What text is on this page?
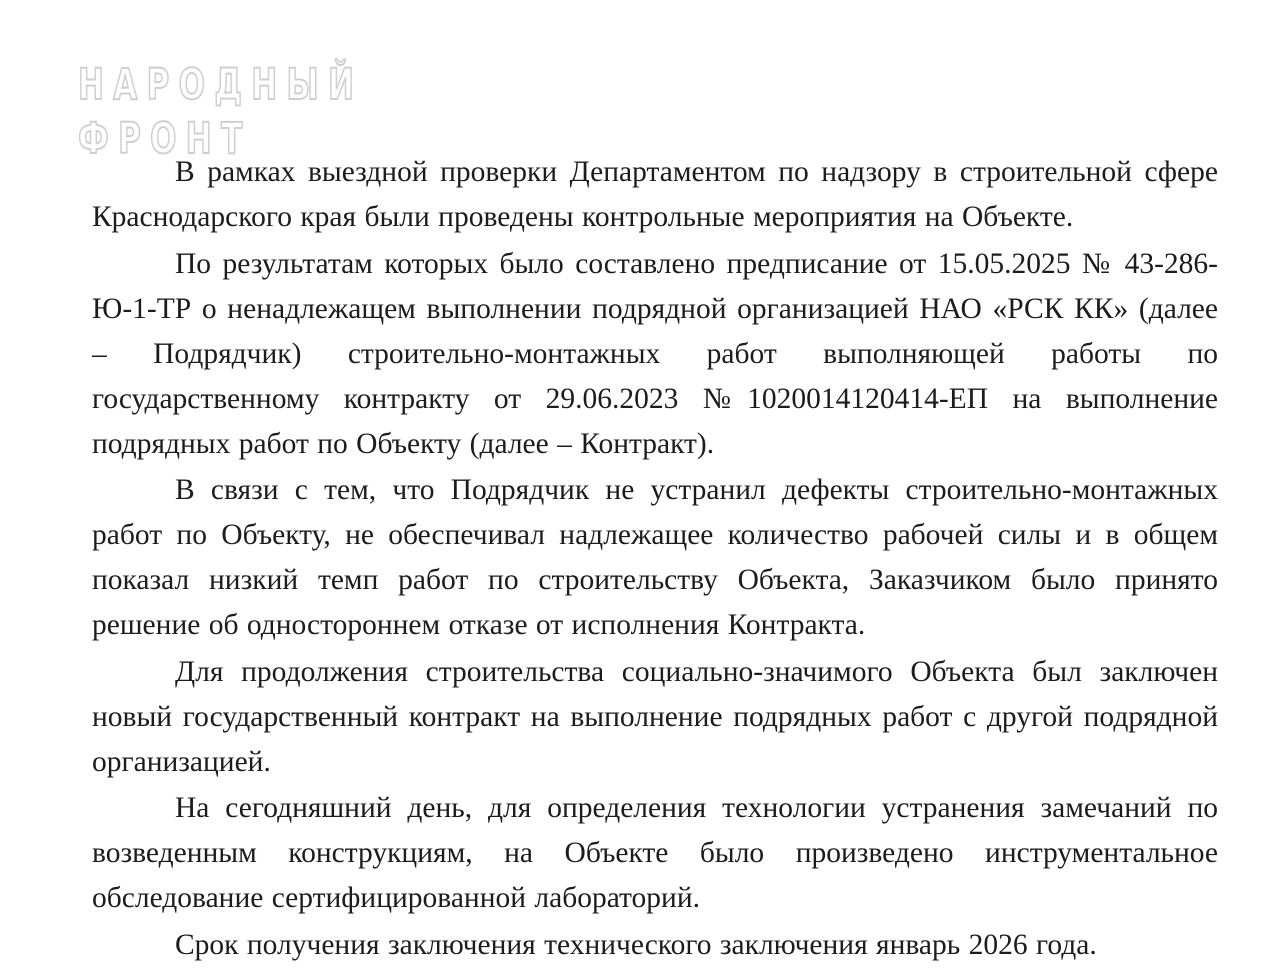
НАРОДНЫЙ
ФРОНТ

В рамках выездной проверки Департаментом по надзору в строительной сфере Краснодарского края были проведены контрольные мероприятия на Объекте.

По результатам которых было составлено предписание от 15.05.2025 № 43-286-Ю-1-ТР о ненадлежащем выполнении подрядной организацией НАО «РСК КК» (далее – Подрядчик) строительно-монтажных работ выполняющей работы по государственному контракту от 29.06.2023 №1020014120414-ЕП на выполнение подрядных работ по Объекту (далее – Контракт).

В связи с тем, что Подрядчик не устранил дефекты строительно-монтажных работ по Объекту, не обеспечивал надлежащее количество рабочей силы и в общем показал низкий темп работ по строительству Объекта, Заказчиком было принято решение об одностороннем отказе от исполнения Контракта.

Для продолжения строительства социально-значимого Объекта был заключен новый государственный контракт на выполнение подрядных работ с другой подрядной организацией.

На сегодняшний день, для определения технологии устранения замечаний по возведенным конструкциям, на Объекте было произведено инструментальное обследование сертифицированной лабораторий.

Срок получения заключения технического заключения январь 2026 года.
